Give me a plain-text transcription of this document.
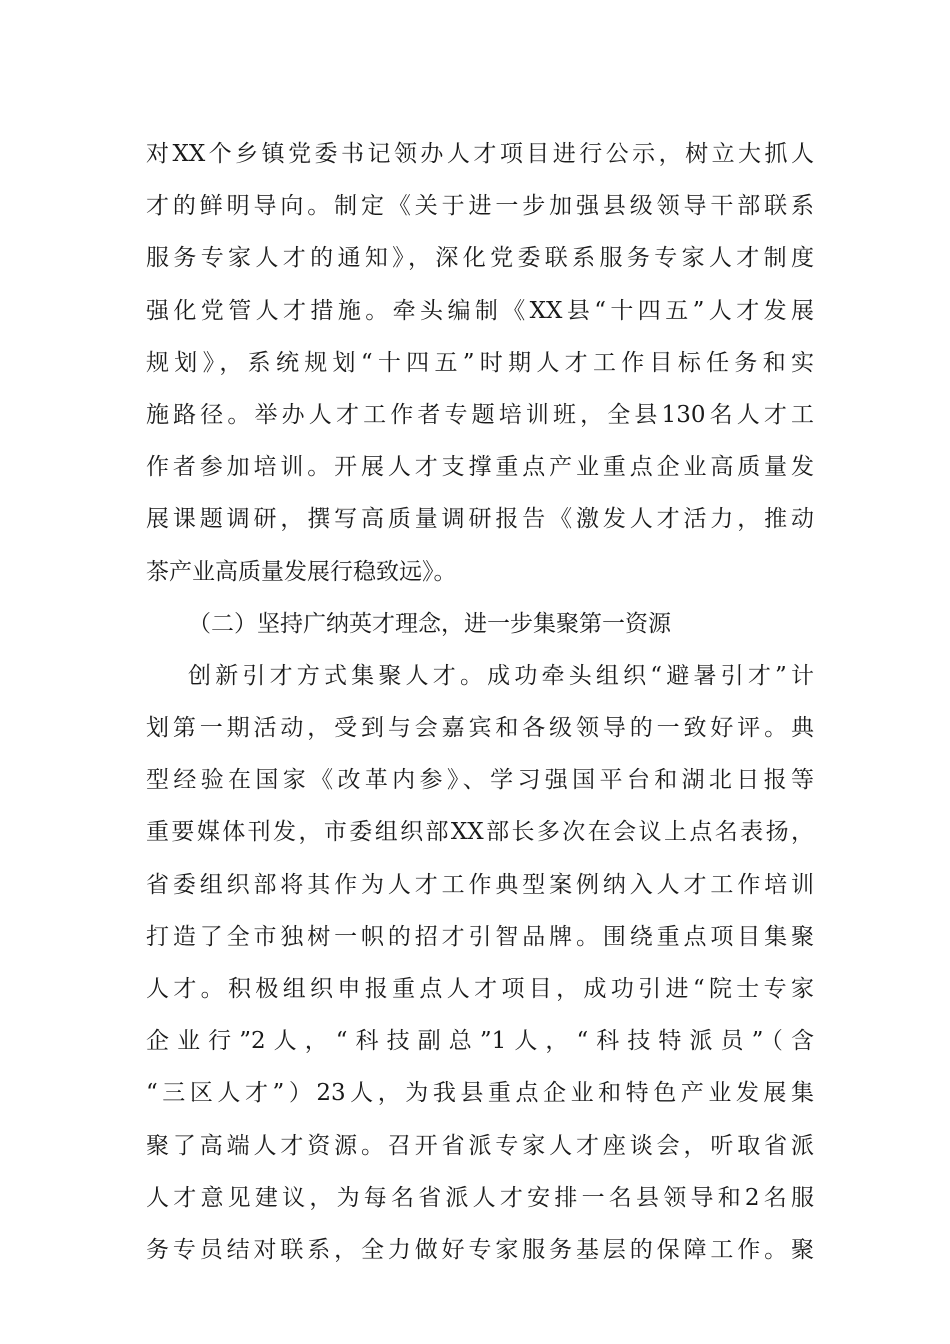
对XX个乡镇党委书记领办人才项目进行公示，树立大抓人
才的鲜明导向。制定《关于进一步加强县级领导干部联系
服务专家人才的通知》，深化党委联系服务专家人才制度
强化党管人才措施。牵头编制《XX县“十四五”人才发展
规划》，系统规划“十四五”时期人才工作目标任务和实
施路径。举办人才工作者专题培训班，全县130名人才工
作者参加培训。开展人才支撑重点产业重点企业高质量发
展课题调研，撰写高质量调研报告《激发人才活力，推动
茶产业高质量发展行稳致远》。
（二）坚持广纳英才理念，进一步集聚第一资源
创新引才方式集聚人才。成功牵头组织“避暑引才”计
划第一期活动，受到与会嘉宾和各级领导的一致好评。典
型经验在国家《改革内参》、学习强国平台和湖北日报等
重要媒体刊发，市委组织部XX部长多次在会议上点名表扬，
省委组织部将其作为人才工作典型案例纳入人才工作培训
打造了全市独树一帜的招才引智品牌。围绕重点项目集聚
人才。积极组织申报重点人才项目，成功引进“院士专家
企业行”2人，“科技副总”1人，“科技特派员”（含
“三区人才”）23人，为我县重点企业和特色产业发展集
聚了高端人才资源。召开省派专家人才座谈会，听取省派
人才意见建议，为每名省派人才安排一名县领导和2名服
务专员结对联系，全力做好专家服务基层的保障工作。聚
